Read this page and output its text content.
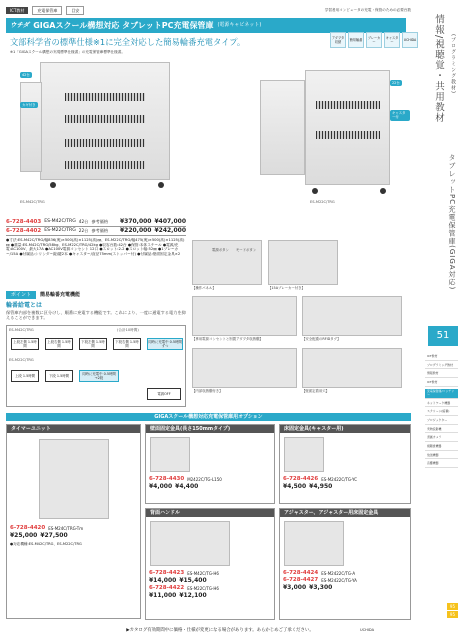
ICT教材	充電保管庫	目安	学習者用コンピュータの充電・保管のための必要台数
ウチダ GIGAスクール構想対応 タブレットPC充電保管庫 (電源キャビネット)
文部科学省の標準仕様※1に完全対応した簡易輪番充電タイプ。
※1「GIGAスクール構想の実現標準仕様書」の充電保管庫標準仕様書。
アダプタ収納	簡易輪番	ブレーカー
キャスター	UCHIDA
42台
カギ付き
ES-M42C/TRG
22台
キャスター付
ES-M22C/TRG
6-728-4403 ES-M42C/TRG 42台 参考価格 ¥370,000 ¥407,000
6-728-4402 ES-M22C/TRG 22台 参考価格 ¥220,000 ¥242,000
●寸法:ES-M42C/TRG/幅836(奥)×500(高)×1125(高)㎜、ES-M22C/TRG/幅475(奥)×500(高)×1125(高)㎜ ●重量:ES-M42C/TRG/58kg、ES-M22C/TRG/42kg ●収容台数:42台 ●保管:本体スチール ●電源/充電:AC100V、最大17A ●AC100V電源コンセント 12口 ●スロット:2-2 ●スロット幅:52㎜ ●1ブレーカー/15A ●付属品:シリンダー錠/鍵2本 ●キャスター/直径75mm(ストッパー付) ●付属品:壁面固定金具×2
ポイント	簡易輪番充電機能
輪番給電とは
保管庫内部を複数に区分けし、順番に充電する機能です。これにより、一度に通電する電力を抑えることができます。
ES-M42C/TRG	(合計10時間)
上段左側 1.5時間
上段右側 1.5時間
下段左側 1.5時間
下段右側 1.5時間
同時に充電中 0.5時間ずつ
ES-M22C/TRG
上段 1.5時間	下段 1.5時間
同時に充電中 0.5時間→2段
電源OFF
【操作パネル】
電源ボタン モードボタン
【15Aブレーカー付き】
【専用電源コンセントと別置アダプタ収納棚】	【安全配慮のRFIDタグ】
【内部収納棚付き】	【壁面定着用穴】
GIGAスクール構想対応充電保管庫用オプション
タイマーユニット
6-728-4420 ES-M24C/TRG-Tm
¥25,000 ¥27,500
●対応機種:ES-M42C/TRG、ES-M22C/TRG
壁面固定金具(長さ150mmタイプ)
6-728-4430 M2422C/TG-L150
¥4,000 ¥4,400
床固定金具(キャスター用)
6-728-4426 ES-M2422C/TG-YC
¥4,500 ¥4,950
背面ハンドル
6-728-4423 ES-M42C/TG-H6
¥14,000 ¥15,400
6-728-4422 ES-M22C/TG-H6
¥11,000 ¥12,100
アジャスター、アジャスター用床固定金具
6-728-4424 ES-M2422C/TG-A
6-728-4427 ES-M2422C/TG-YA
¥3,000 ¥3,300
▶カタログ有効期間中に価格・仕様が変更になる場合があります。あらかじめご了承ください。	UCHIDA
情報/視聴覚・共用教材 (プログラミング教材)
タブレットPC充電保管庫(GIGA対応)
51
ICT教材
プログラミング教材
情報教材
ICT教材
充電保管庫/バッテリー
ネットワーク機器
スクリーン(暗幕)
プロジェクター
実物投影機
書画カメラ
視聴覚機器
放送機器
音響機器
95
95
